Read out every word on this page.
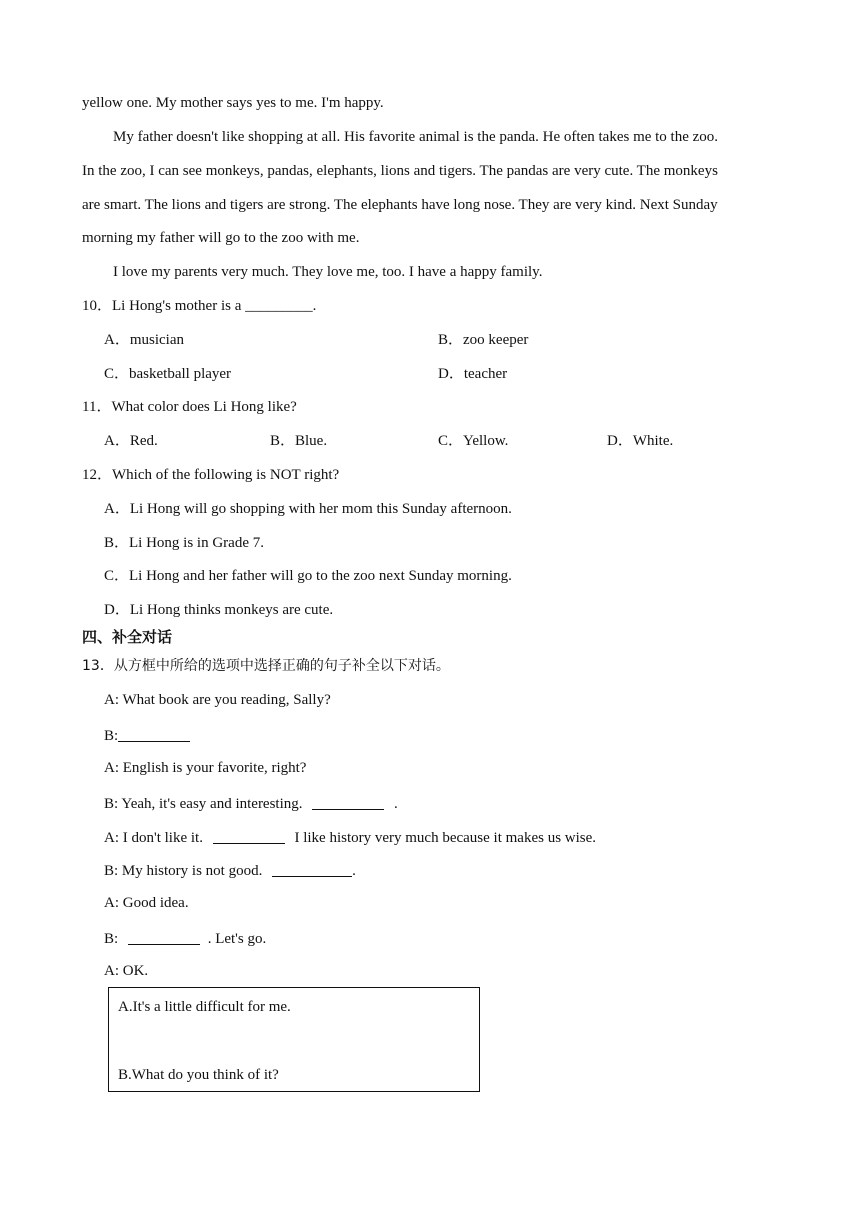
yellow one. My mother says yes to me. I'm happy.
My father doesn't like shopping at all. His favorite animal is the panda. He often takes me to the zoo.
In the zoo, I can see monkeys, pandas, elephants, lions and tigers. The pandas are very cute. The monkeys
are smart. The lions and tigers are strong. The elephants have long nose. They are very kind. Next Sunday
morning my father will go to the zoo with me.
I love my parents very much. They love me, too. I have a happy family.
10．Li Hong's mother is a _________.
A．musician	B．zoo keeper
C．basketball player	D．teacher
11．What color does Li Hong like?
A．Red.	B．Blue.	C．Yellow.	D．White.
12．Which of the following is NOT right?
A．Li Hong will go shopping with her mom this Sunday afternoon.
B．Li Hong is in Grade 7.
C．Li Hong and her father will go to the zoo next Sunday morning.
D．Li Hong thinks monkeys are cute.
四、补全对话
13．从方框中所给的选项中选择正确的句子补全以下对话。
A: What book are you reading, Sally?
B:
A: English is your favorite, right?
B: Yeah, it's easy and interesting.	.
A: I don't like it.	I like history very much because it makes us wise.
B: My history is not good.	.
A: Good idea.
B:	. Let's go.
A: OK.
A.It's a little difficult for me.
B.What do you think of it?
